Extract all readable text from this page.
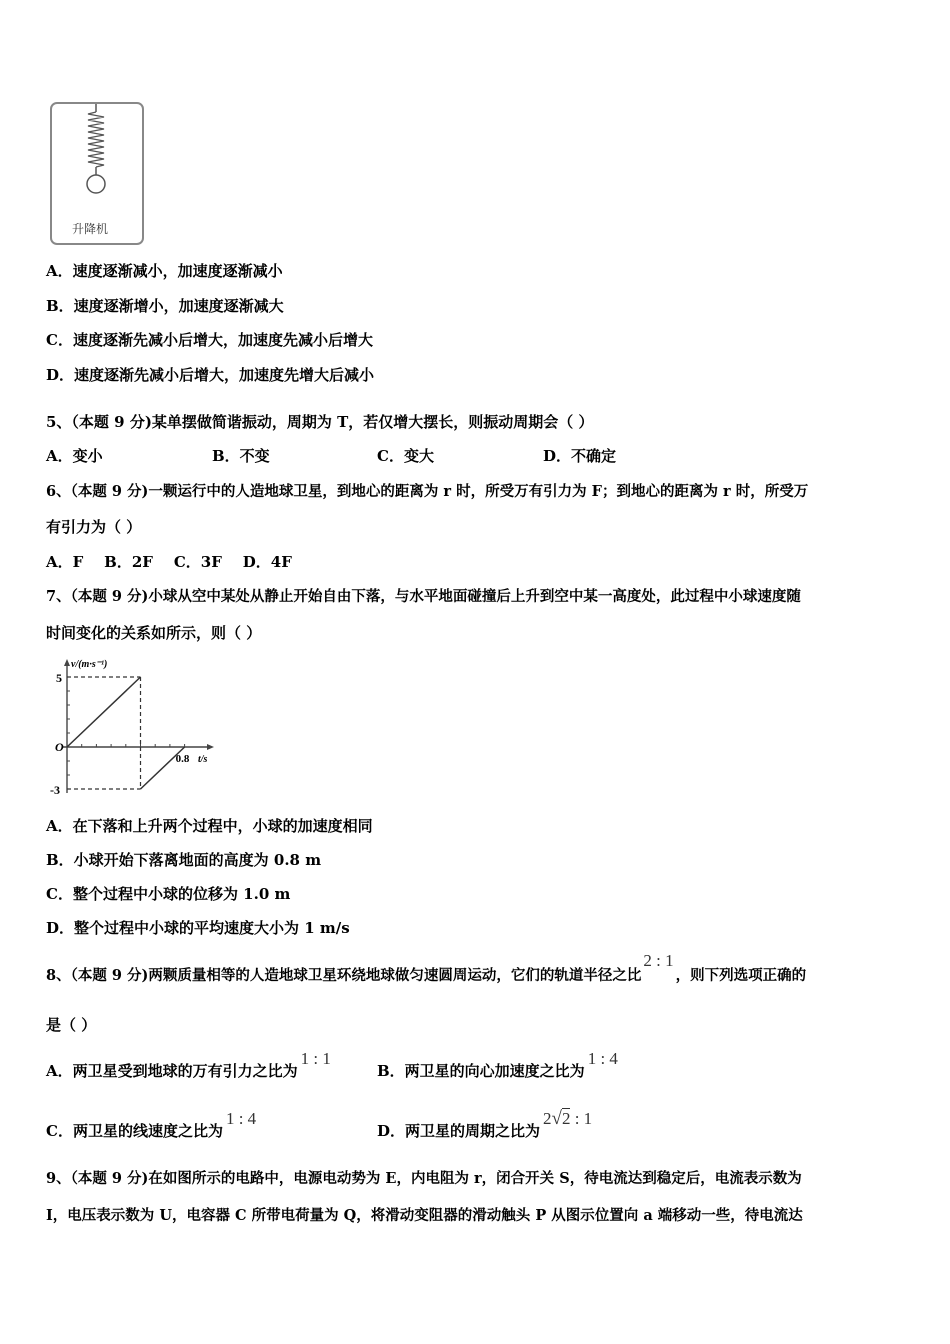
升降机
A．速度逐渐减小，加速度逐渐减小
B．速度逐渐增小，加速度逐渐减大
C．速度逐渐先减小后增大，加速度先减小后增大
D．速度逐渐先减小后增大，加速度先增大后减小
5、（本题 9 分)某单摆做简谐振动，周期为 T，若仅增大摆长，则振动周期会（ ）
A．变小	B．不变	C．变大	D．不确定
6、（本题 9 分)一颗运行中的人造地球卫星，到地心的距离为 r 时，所受万有引力为 F；到地心的距离为 r 时，所受万
有引力为（ ）
A．F    B．2F    C．3F    D．4F
7、（本题 9 分)小球从空中某处从静止开始自由下落，与水平地面碰撞后上升到空中某一高度处，此过程中小球速度随
时间变化的关系如所示，则（ ）
v/(m·s⁻¹)
t/s
O
5
-3
0.8
A．在下落和上升两个过程中，小球的加速度相同
B．小球开始下落离地面的高度为 0.8 m
C．整个过程中小球的位移为 1.0 m
D．整个过程中小球的平均速度大小为 1 m/s
8、（本题 9 分)两颗质量相等的人造地球卫星环绕地球做匀速圆周运动，它们的轨道半径之比2 : 1，则下列选项正确的
是（ ）
A．两卫星受到地球的万有引力之比为1 : 1
B．两卫星的向心加速度之比为1 : 4
C．两卫星的线速度之比为1 : 4
D．两卫星的周期之比为2√2 : 1
9、（本题 9 分)在如图所示的电路中，电源电动势为 E，内电阻为 r，闭合开关 S，待电流达到稳定后，电流表示数为
I，电压表示数为 U，电容器 C 所带电荷量为 Q，将滑动变阻器的滑动触头 P 从图示位置向 a 端移动一些，待电流达
